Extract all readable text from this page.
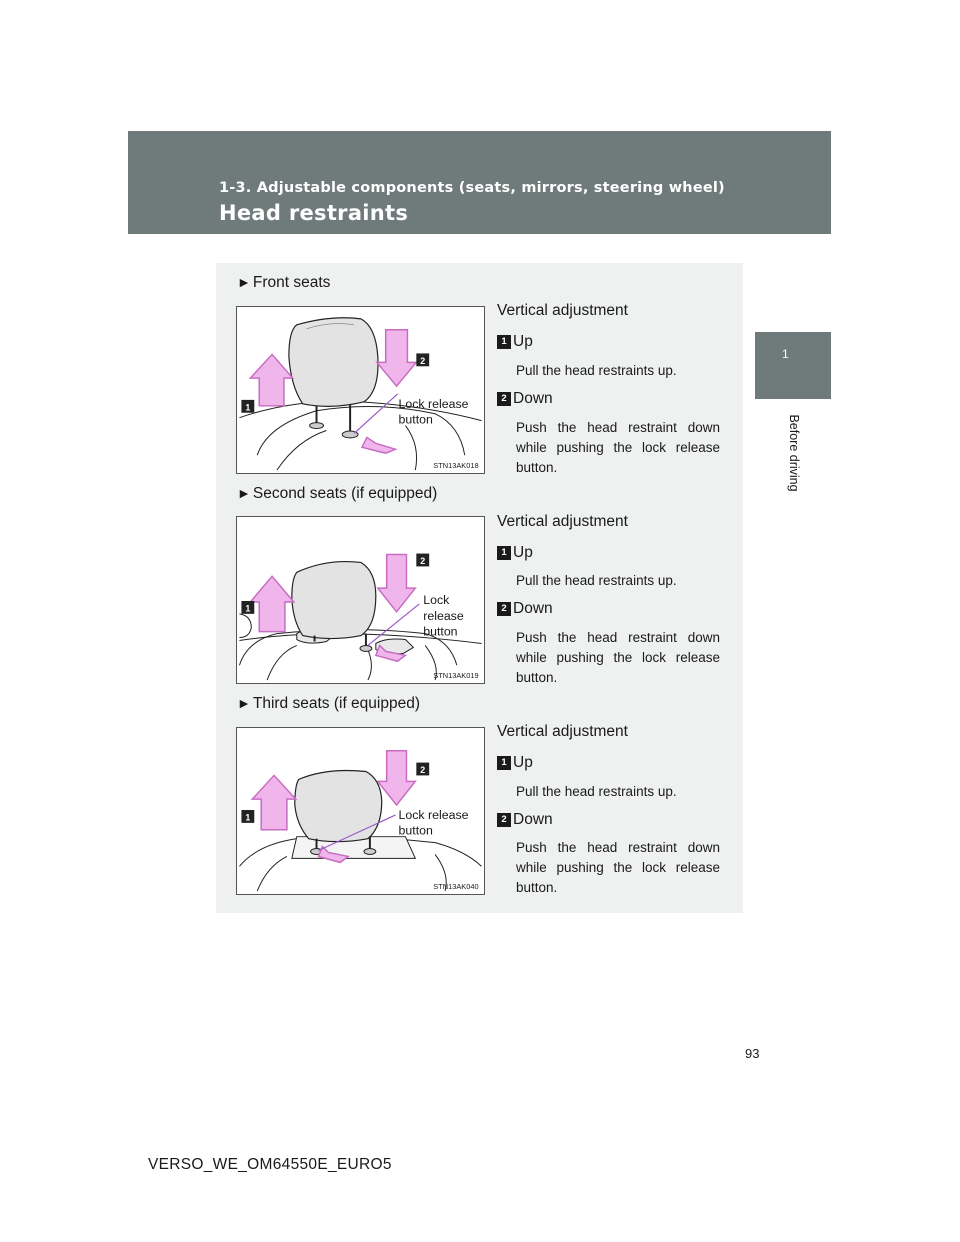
1-3. Adjustable components (seats, mirrors, steering wheel)
Head restraints
1
Before driving
► Front seats
1
2
Lock release
button
STN13AK018
Vertical adjustment
1 Up
Pull the head restraints up.
2 Down
Push the head restraint down while pushing the lock release button.
► Second seats (if equipped)
1
2
Lock
release
button
STN13AK019
Vertical adjustment
1 Up
Pull the head restraints up.
2 Down
Push the head restraint down while pushing the lock release button.
► Third seats (if equipped)
1
2
Lock release
button
STN13AK040
Vertical adjustment
1 Up
Pull the head restraints up.
2 Down
Push the head restraint down while pushing the lock release button.
93
VERSO_WE_OM64550E_EURO5
